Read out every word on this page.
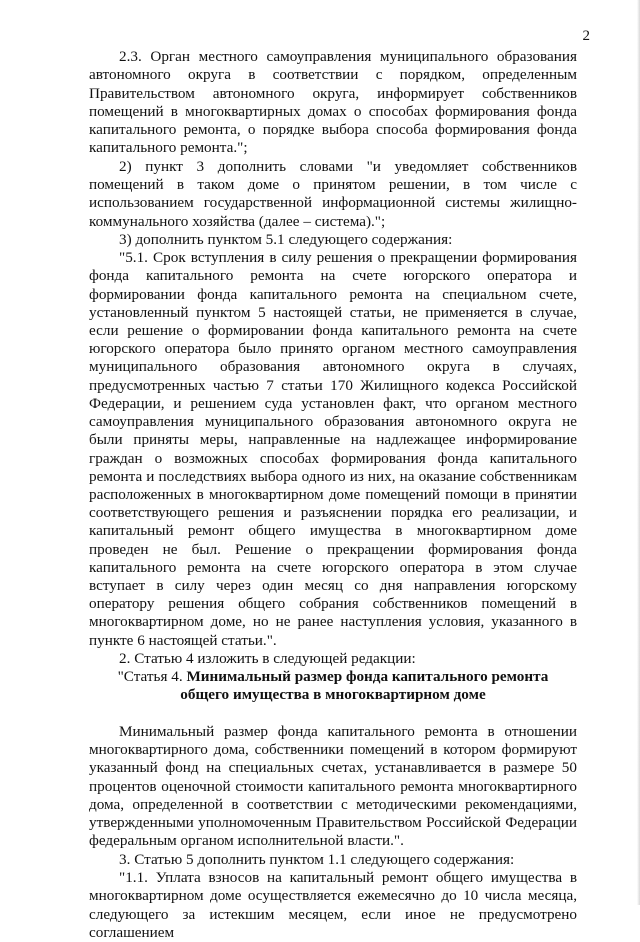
2

2.3. Орган местного самоуправления муниципального образования автономного округа в соответствии с порядком, определенным Правительством автономного округа, информирует собственников помещений в многоквартирных домах о способах формирования фонда капитального ремонта, о порядке выбора способа формирования фонда капитального ремонта.";

2) пункт 3 дополнить словами "и уведомляет собственников помещений в таком доме о принятом решении, в том числе с использованием государственной информационной системы жилищно-коммунального хозяйства (далее – система).";

3) дополнить пунктом 5.1 следующего содержания:

"5.1. Срок вступления в силу решения о прекращении формирования фонда капитального ремонта на счете югорского оператора и формировании фонда капитального ремонта на специальном счете, установленный пунктом 5 настоящей статьи, не применяется в случае, если решение о формировании фонда капитального ремонта на счете югорского оператора было принято органом местного самоуправления муниципального образования автономного округа в случаях, предусмотренных частью 7 статьи 170 Жилищного кодекса Российской Федерации, и решением суда установлен факт, что органом местного самоуправления муниципального образования автономного округа не были приняты меры, направленные на надлежащее информирование граждан о возможных способах формирования фонда капитального ремонта и последствиях выбора одного из них, на оказание собственникам расположенных в многоквартирном доме помещений помощи в принятии соответствующего решения и разъяснении порядка его реализации, и капитальный ремонт общего имущества в многоквартирном доме проведен не был. Решение о прекращении формирования фонда капитального ремонта на счете югорского оператора в этом случае вступает в силу через один месяц со дня направления югорскому оператору решения общего собрания собственников помещений в многоквартирном доме, но не ранее наступления условия, указанного в пункте 6 настоящей статьи.".

2. Статью 4 изложить в следующей редакции:

"Статья 4. Минимальный размер фонда капитального ремонта
общего имущества в многоквартирном доме

Минимальный размер фонда капитального ремонта в отношении многоквартирного дома, собственники помещений в котором формируют указанный фонд на специальных счетах, устанавливается в размере 50 процентов оценочной стоимости капитального ремонта многоквартирного дома, определенной в соответствии с методическими рекомендациями, утвержденными уполномоченным Правительством Российской Федерации федеральным органом исполнительной власти.".

3. Статью 5 дополнить пунктом 1.1 следующего содержания:

"1.1. Уплата взносов на капитальный ремонт общего имущества в многоквартирном доме осуществляется ежемесячно до 10 числа месяца, следующего за истекшим месяцем, если иное не предусмотрено соглашением
